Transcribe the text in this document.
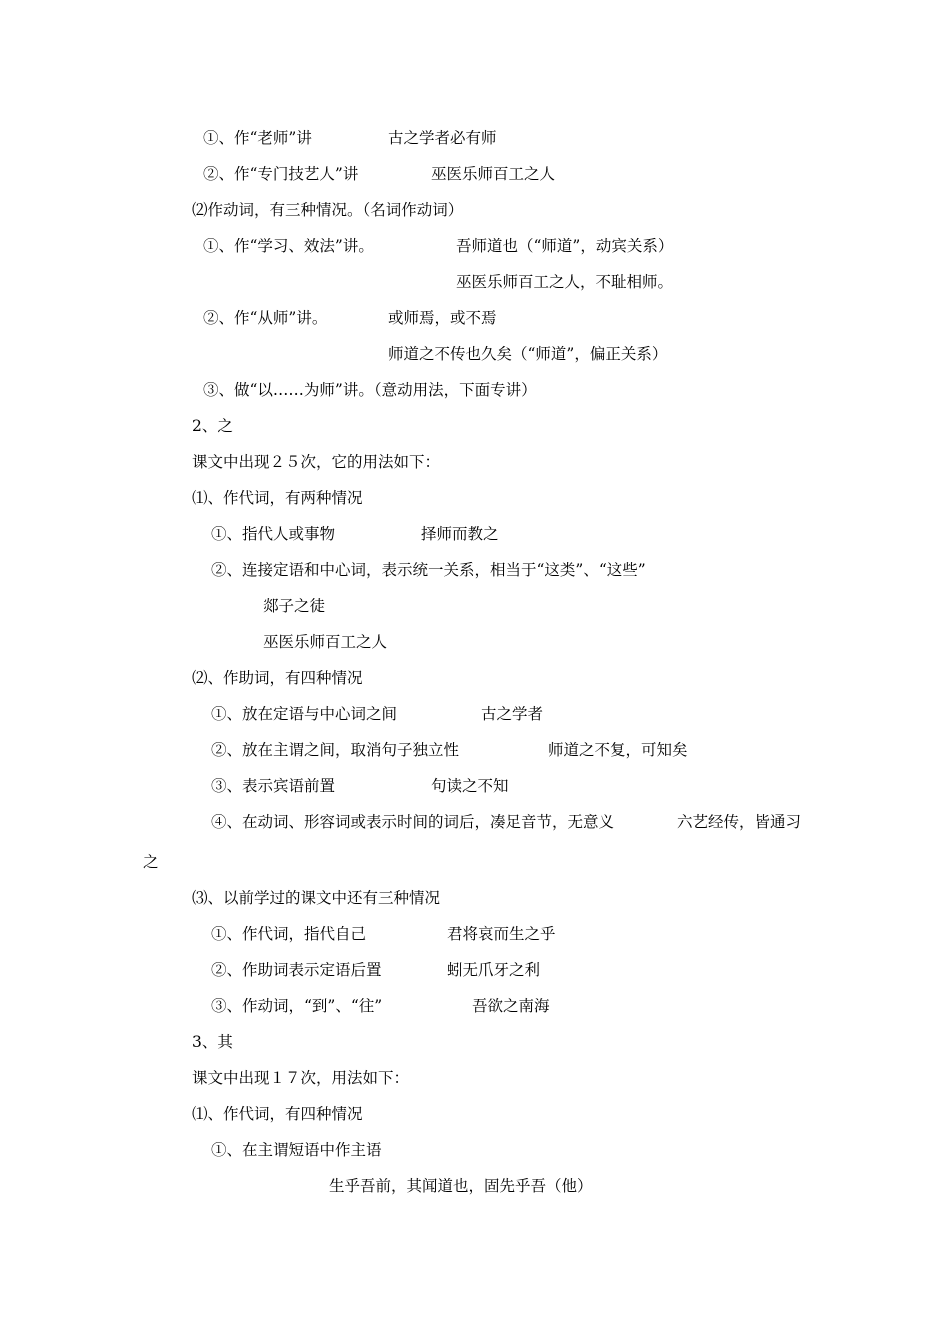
①、作“老师”讲	古之学者必有师
②、作“专门技艺人”讲	巫医乐师百工之人
⑵作动词，有三种情况。（名词作动词）
①、作“学习、效法”讲。	吾师道也（“师道”，动宾关系）
巫医乐师百工之人，不耻相师。
②、作“从师”讲。	或师焉，或不焉
师道之不传也久矣（“师道”，偏正关系）
③、做“以……为师”讲。（意动用法，下面专讲）
2、之
课文中出现２５次，它的用法如下：
⑴、作代词，有两种情况
①、指代人或事物	择师而教之
②、连接定语和中心词，表示统一关系，相当于“这类”、“这些”
郯子之徒
巫医乐师百工之人
⑵、作助词，有四种情况
①、放在定语与中心词之间	古之学者
②、放在主谓之间，取消句子独立性	师道之不复，可知矣
③、表示宾语前置	句读之不知
④、在动词、形容词或表示时间的词后，凑足音节，无意义	六艺经传，皆通习
之
⑶、以前学过的课文中还有三种情况
①、作代词，指代自己	君将哀而生之乎
②、作助词表示定语后置	蚓无爪牙之利
③、作动词，“到”、“往”	吾欲之南海
3、其
课文中出现１７次，用法如下：
⑴、作代词，有四种情况
①、在主谓短语中作主语
生乎吾前，其闻道也，固先乎吾（他）
